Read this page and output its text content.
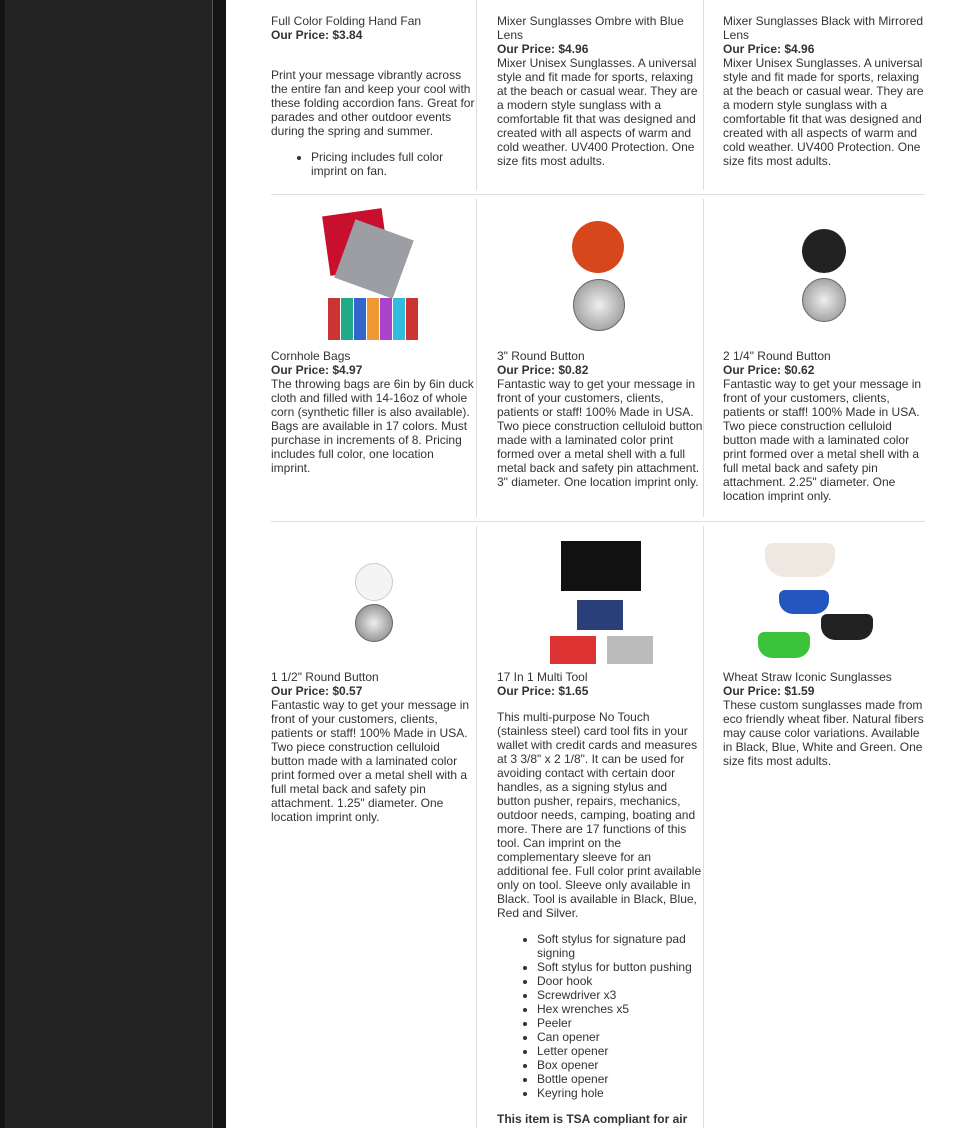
Full Color Folding Hand Fan
Our Price: $3.84

Print your message vibrantly across the entire fan and keep your cool with these folding accordion fans. Great for parades and other outdoor events during the spring and summer.

• Pricing includes full color imprint on fan.
Mixer Sunglasses Ombre with Blue Lens
Our Price: $4.96

Mixer Unisex Sunglasses. A universal style and fit made for sports, relaxing at the beach or casual wear. They are a modern style sunglass with a comfortable fit that was designed and created with all aspects of warm and cold weather. UV400 Protection. One size fits most adults.

Mixer Sunglasses Black with Mirrored Lens
Our Price: $4.96

Mixer Unisex Sunglasses. A universal style and fit made for sports, relaxing at the beach or casual wear. They are a modern style sunglass with a comfortable fit that was designed and created with all aspects of warm and cold weather. UV400 Protection. One size fits most adults.

Cornhole Bags
Our Price: $4.97

The throwing bags are 6in by 6in duck cloth and filled with 14-16oz of whole corn (synthetic filler is also available). Bags are available in 17 colors. Must purchase in increments of 8. Pricing includes full color, one location imprint.

3" Round Button
Our Price: $0.82

Fantastic way to get your message in front of your customers, clients, patients or staff! 100% Made in USA. Two piece construction celluloid button made with a laminated color print formed over a metal shell with a full metal back and safety pin attachment. 3" diameter. One location imprint only.

2 1/4" Round Button
Our Price: $0.62

Fantastic way to get your message in front of your customers, clients, patients or staff! 100% Made in USA. Two piece construction celluloid button made with a laminated color print formed over a metal shell with a full metal back and safety pin attachment. 2.25" diameter. One location imprint only.

1 1/2" Round Button
Our Price: $0.57

Fantastic way to get your message in front of your customers, clients, patients or staff! 100% Made in USA. Two piece construction celluloid button made with a laminated color print formed over a metal shell with a full metal back and safety pin attachment. 1.25" diameter. One location imprint only.

17 In 1 Multi Tool
Our Price: $1.65

This multi-purpose No Touch (stainless steel) card tool fits in your wallet with credit cards and measures at 3 3/8" x 2 1/8". It can be used for avoiding contact with certain door handles, as a signing stylus and button pusher, repairs, mechanics, outdoor needs, camping, boating and more. There are 17 functions of this tool. Can imprint on the complementary sleeve for an additional fee. Full color print available only on tool. Sleeve only available in Black. Tool is available in Black, Blue, Red and Silver.

• Soft stylus for signature pad signing
• Soft stylus for button pushing
• Door hook
• Screwdriver x3
• Hex wrenches x5
• Peeler
• Can opener
• Letter opener
• Box opener
• Bottle opener
• Keyring hole

This item is TSA compliant for air

Wheat Straw Iconic Sunglasses
Our Price: $1.59

These custom sunglasses made from eco friendly wheat fiber. Natural fibers may cause color variations. Available in Black, Blue, White and Green. One size fits most adults.
